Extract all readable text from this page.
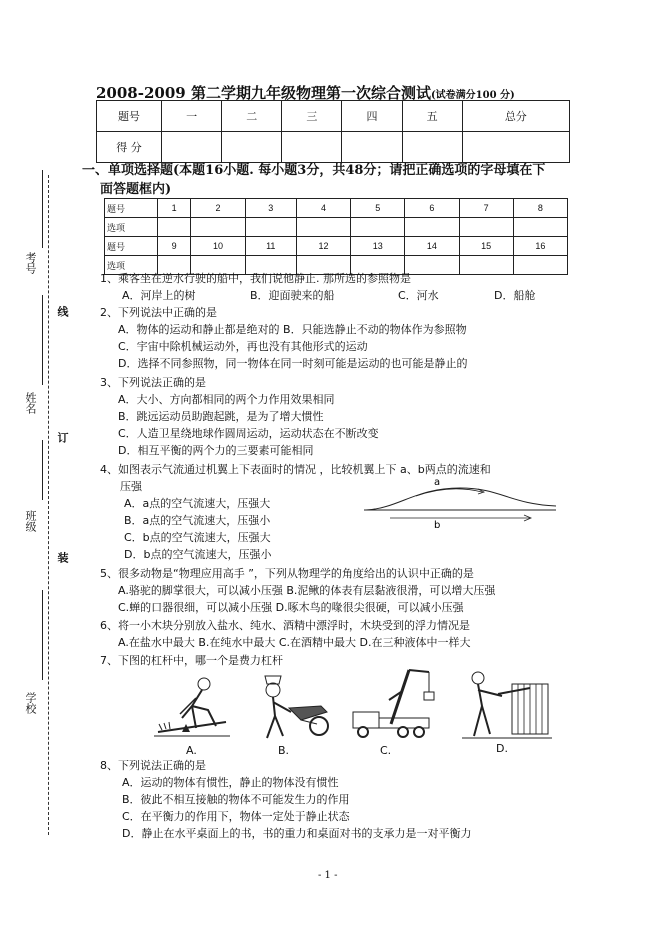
2008-2009 第二学期九年级物理第一次综合测试(试卷满分100 分)
题号	一	二	三	四	五	总分
得 分						
一、单项选择题(本题16小题. 每小题3分，共48分；请把正确选项的字母填在下
面答题框内)
题号	1	2	3	4	5	6	7	8
选项								
题号	9	10	11	12	13	14	15	16
选项								
考号
线
姓名
订
班级
装
学校
1、乘客坐在逆水行驶的船中，我们说他静止. 那所选的参照物是
A．河岸上的树	B．迎面驶来的船	C．河水	D．船舱
2、下列说法中正确的是
A．物体的运动和静止都是绝对的 B．只能选静止不动的物体作为参照物
C．宇宙中除机械运动外，再也没有其他形式的运动
D．选择不同参照物，同一物体在同一时刻可能是运动的也可能是静止的
3、下列说法正确的是
A．大小、方向都相同的两个力作用效果相同
B．跳远运动员助跑起跳，是为了增大惯性
C．人造卫星绕地球作圆周运动，运动状态在不断改变
D．相互平衡的两个力的三要素可能相同
4、如图表示气流通过机翼上下表面时的情况 ，比较机翼上下 a、b两点的流速和
压强
A．a点的空气流速大，压强大
B．a点的空气流速大，压强小
C．b点的空气流速大，压强大
D．b点的空气流速大，压强小
a
b
5、很多动物是“物理应用高手 ”，下列从物理学的角度给出的认识中正确的是
A.骆驼的脚掌很大，可以减小压强 B.泥鳅的体表有层黏液很滑，可以增大压强
C.蝉的口器很细，可以减小压强 D.啄木鸟的喙很尖很硬，可以减小压强
6、将一小木块分别放入盐水、纯水、酒精中漂浮时，木块受到的浮力情况是
A.在盐水中最大 B.在纯水中最大 C.在酒精中最大 D.在三种液体中一样大
7、下图的杠杆中，哪一个是费力杠杆
A.	B.	C.	D.
8、下列说法正确的是
A．运动的物体有惯性，静止的物体没有惯性
B．彼此不相互接触的物体不可能发生力的作用
C．在平衡力的作用下，物体一定处于静止状态
D．静止在水平桌面上的书，书的重力和桌面对书的支承力是一对平衡力
- 1 -
